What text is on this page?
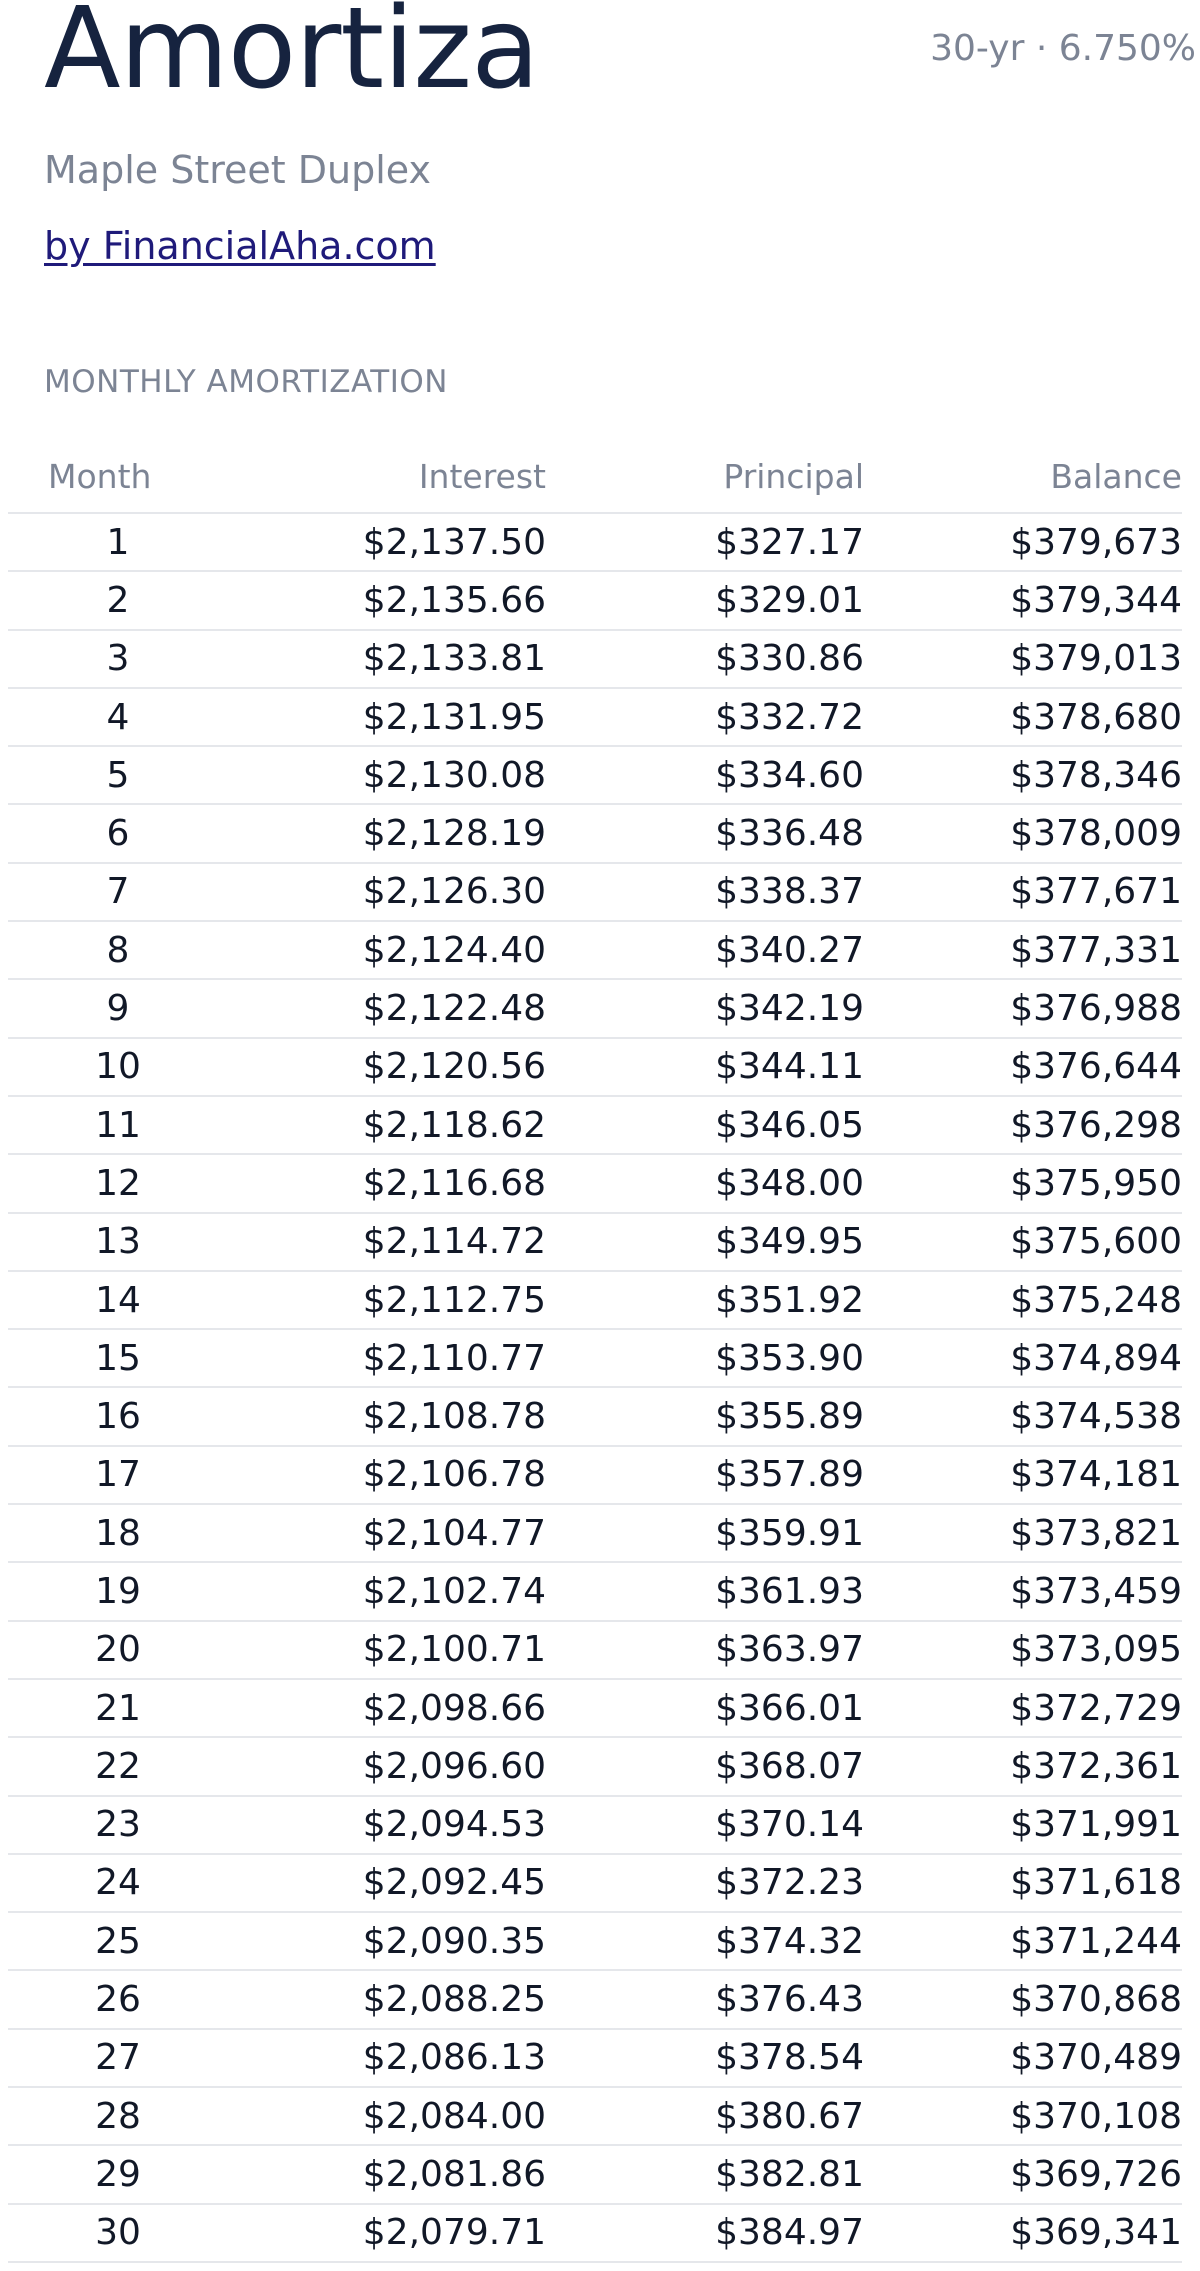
Amortiza	30-yr · 6.750%
Maple Street Duplex
by FinancialAha.com
MONTHLY AMORTIZATION
Month	Interest	Principal	Balance
1	$2,137.50	$327.17	$379,673
2	$2,135.66	$329.01	$379,344
3	$2,133.81	$330.86	$379,013
4	$2,131.95	$332.72	$378,680
5	$2,130.08	$334.60	$378,346
6	$2,128.19	$336.48	$378,009
7	$2,126.30	$338.37	$377,671
8	$2,124.40	$340.27	$377,331
9	$2,122.48	$342.19	$376,988
10	$2,120.56	$344.11	$376,644
11	$2,118.62	$346.05	$376,298
12	$2,116.68	$348.00	$375,950
13	$2,114.72	$349.95	$375,600
14	$2,112.75	$351.92	$375,248
15	$2,110.77	$353.90	$374,894
16	$2,108.78	$355.89	$374,538
17	$2,106.78	$357.89	$374,181
18	$2,104.77	$359.91	$373,821
19	$2,102.74	$361.93	$373,459
20	$2,100.71	$363.97	$373,095
21	$2,098.66	$366.01	$372,729
22	$2,096.60	$368.07	$372,361
23	$2,094.53	$370.14	$371,991
24	$2,092.45	$372.23	$371,618
25	$2,090.35	$374.32	$371,244
26	$2,088.25	$376.43	$370,868
27	$2,086.13	$378.54	$370,489
28	$2,084.00	$380.67	$370,108
29	$2,081.86	$382.81	$369,726
30	$2,079.71	$384.97	$369,341
